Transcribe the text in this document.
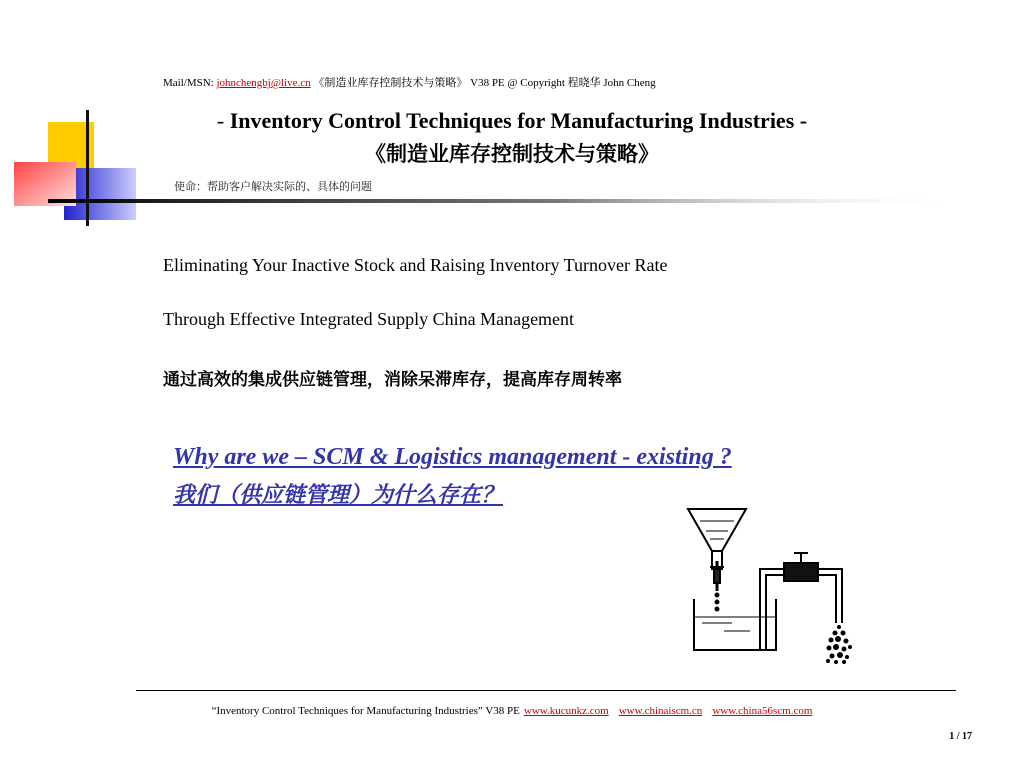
Mail/MSN: johnchengbj@live.cn 《制造业库存控制技术与策略》 V38 PE @ Copyright 程晓华 John Cheng
- Inventory Control Techniques for Manufacturing Industries -
《制造业库存控制技术与策略》
使命：帮助客户解决实际的、具体的问题
Eliminating Your Inactive Stock and Raising Inventory Turnover Rate
Through Effective Integrated Supply China Management
通过高效的集成供应链管理，消除呆滞库存，提高库存周转率
Why are we – SCM & Logistics management - existing ?
我们（供应链管理）为什么存在？
“Inventory Control Techniques for Manufacturing Industries” V38 PE www.kucunkz.com www.chinaiscm.cn www.china56scm.com
1 / 17
